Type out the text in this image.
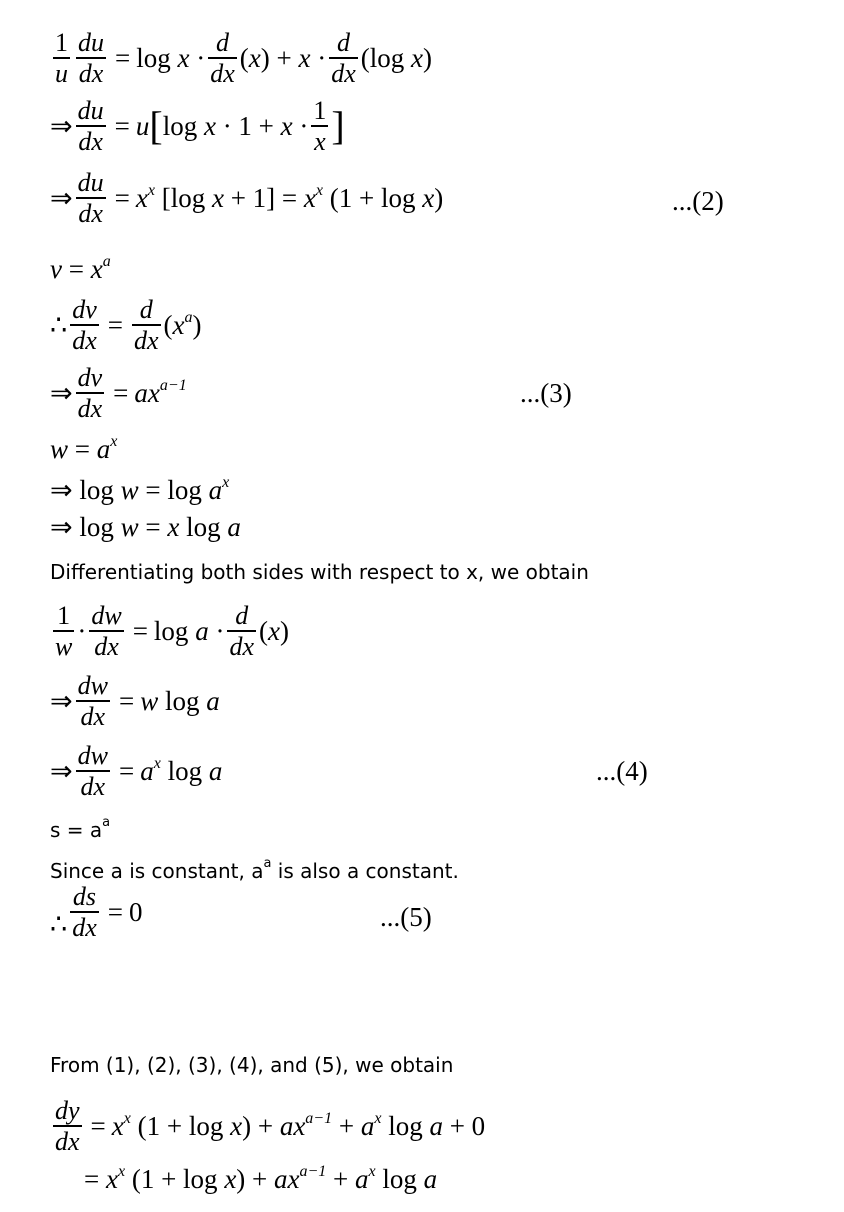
$\frac{1}{u} \frac{du}{dx} = \log x \cdot \frac{d}{dx} (x) + x \cdot \frac{d}{dx} (\log$ x)
⇒ $\frac{du}{dx} = u$ [ $\log x \cdot 1 + x \cdot \frac{1}{x}$ ]
⇒ $\frac{du}{dx} = x^x$ [log $x + 1] = x^x$ (1 + log x)	...(2)
$v = x^a$
∴ $\frac{dv}{dx} = \frac{d}{dx} (x^a)$
⇒ $\frac{dv}{dx} = ax^{a-1}$	...(3)
$w = a^x$
⇒ $\log w = \log a^x$
⇒ log w = x log a
Differentiating both sides with respect to x, we obtain
$\frac{1}{w} \cdot \frac{dw}{dx} = \log a \cdot \frac{d}{dx} (x)$
⇒ $\frac{dw}{dx} = w$ log a
⇒ $\frac{dw}{dx} = a^x$ log a	...(4)
$s = a^a$
Since a is constant, $a^a$ is also a constant.
∴ $\frac{ds}{dx} = 0$	...(5)
From (1), (2), (3), (4), and (5), we obtain
$\frac{dy}{dx} = x^x$ $(1 + \log x) + ax^{a-1} + a^x$ log a + 0
= $x^x$ $(1 + \log x) + ax^{a-1} + a^x$ log a
